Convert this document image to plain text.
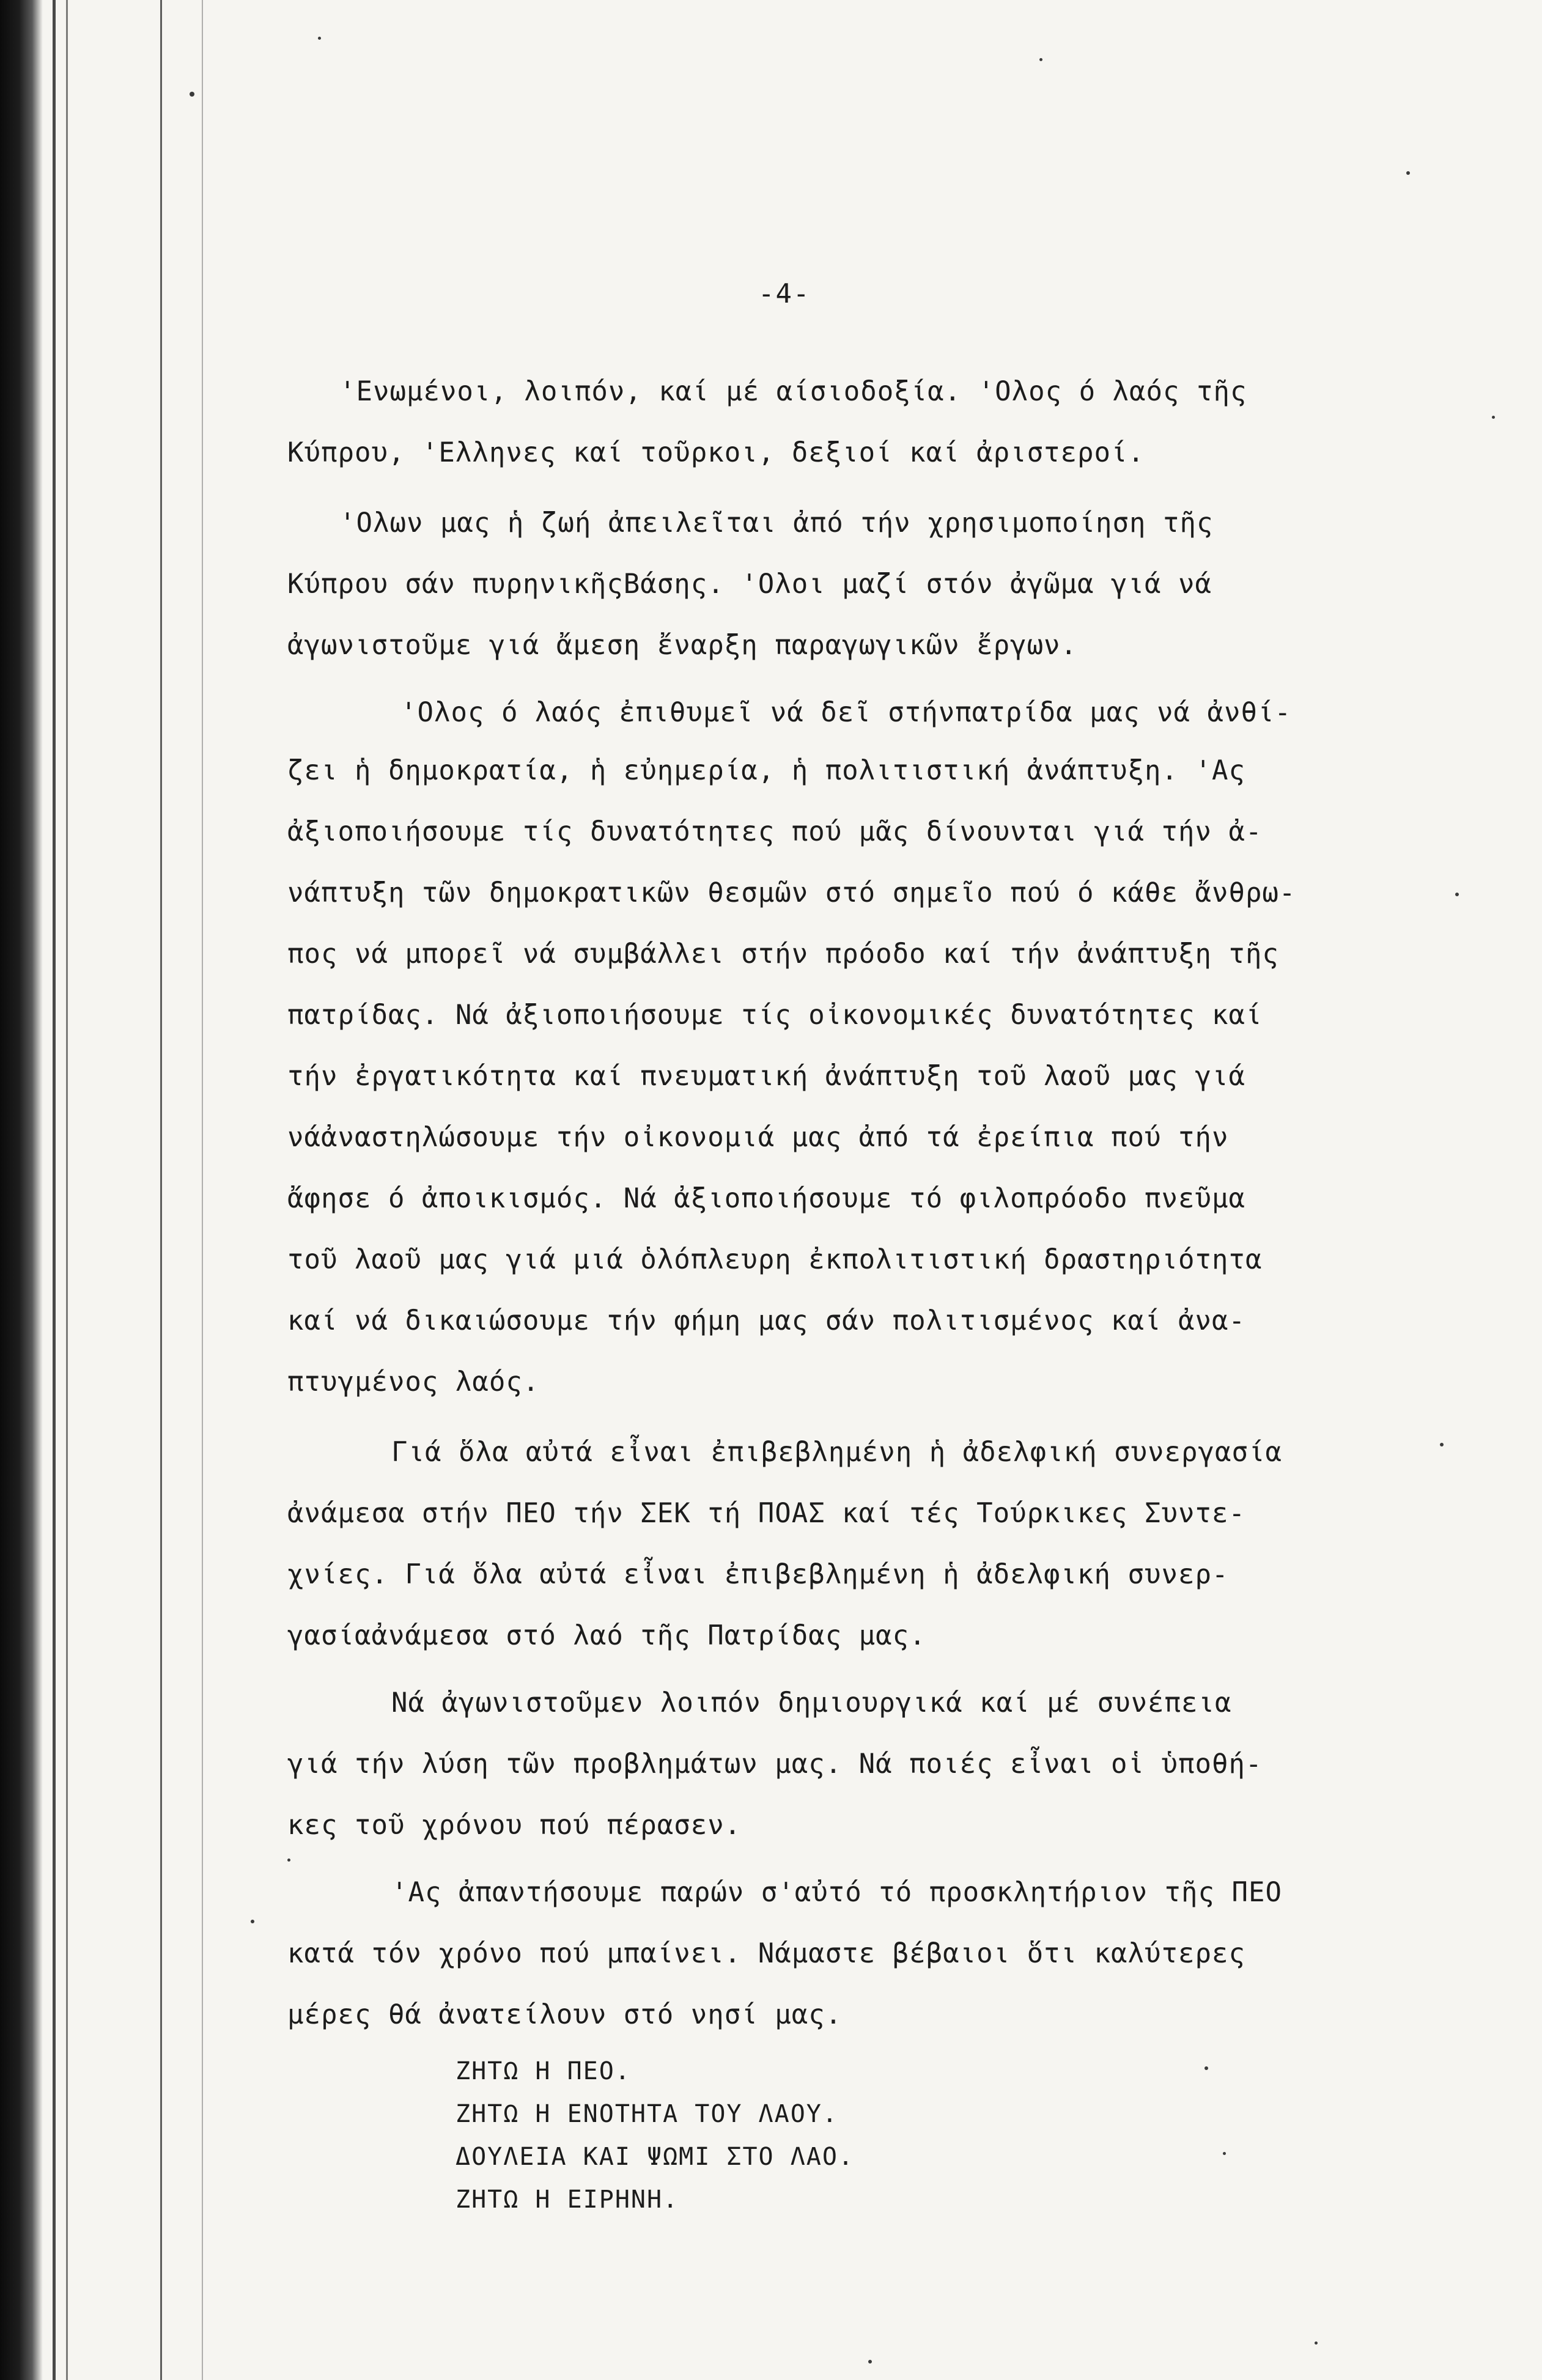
-4-
'Ενωμένοι, λοιπόν, καί μέ αίσιοδοξία. 'Ολος ό λαός τῆς
Κύπρου, 'Ελληνες καί τοῦρκοι, δεξιοί καί ἀριστεροί.
'Ολων μας ἡ ζωή ἀπειλεῖται ἀπό τήν χρησιμοποίηση τῆς
Κύπρου σάν πυρηνικῆςΒάσης. 'Ολοι μαζί στόν ἀγῶμα γιά νά
ἀγωνιστοῦμε γιά ἄμεση ἔναρξη παραγωγικῶν ἔργων.
'Ολος ό λαός ἐπιθυμεῖ νά δεῖ στήνπατρίδα μας νά ἀνθί-
ζει ἡ δημοκρατία, ἡ εὐημερία, ἡ πολιτιστική ἀνάπτυξη. 'Ας
ἀξιοποιήσουμε τίς δυνατότητες πού μᾶς δίνουνται γιά τήν ἀ-
νάπτυξη τῶν δημοκρατικῶν θεσμῶν στό σημεῖο πού ό κάθε ἄνθρω-
πος νά μπορεῖ νά συμβάλλει στήν πρόοδο καί τήν ἀνάπτυξη τῆς
πατρίδας. Νά ἀξιοποιήσουμε τίς οἰκονομικές δυνατότητες καί
τήν ἐργατικότητα καί πνευματική ἀνάπτυξη τοῦ λαοῦ μας γιά
νάἀναστηλώσουμε τήν οἰκονομιά μας ἀπό τά ἐρείπια πού τήν
ἄφησε ό ἀποικισμός. Νά ἀξιοποιήσουμε τό φιλοπρόοδο πνεῦμα
τοῦ λαοῦ μας γιά μιά ὁλόπλευρη ἐκπολιτιστική δραστηριότητα
καί νά δικαιώσουμε τήν φήμη μας σάν πολιτισμένος καί ἀνα-
πτυγμένος λαός.
Γιά ὅλα αὐτά εἶναι ἐπιβεβλημένη ἡ ἀδελφική συνεργασία
ἀνάμεσα στήν ΠΕΟ τήν ΣΕΚ τή ΠΟΑΣ καί τές Τούρκικες Συντε-
χνίες. Γιά ὅλα αὐτά εἶναι ἐπιβεβλημένη ἡ ἀδελφική συνερ-
γασίαἀνάμεσα στό λαό τῆς Πατρίδας μας.
Νά ἀγωνιστοῦμεν λοιπόν δημιουργικά καί μέ συνέπεια
γιά τήν λύση τῶν προβλημάτων μας. Νά ποιές εἶναι οἱ ὑποθή-
κες τοῦ χρόνου πού πέρασεν.
'Ας ἀπαντήσουμε παρών σ'αὐτό τό προσκλητήριον τῆς ΠΕΟ
κατά τόν χρόνο πού μπαίνει. Νάμαστε βέβαιοι ὅτι καλύτερες
μέρες θά ἀνατείλουν στό νησί μας.
ΖΗΤΩ Η ΠΕΟ.
ΖΗΤΩ Η ΕΝΟΤΗΤΑ ΤΟΥ ΛΑΟΥ.
ΔΟΥΛΕΙΑ ΚΑΙ ΨΩΜΙ ΣΤΟ ΛΑΟ.
ΖΗΤΩ Η ΕΙΡΗΝΗ.
